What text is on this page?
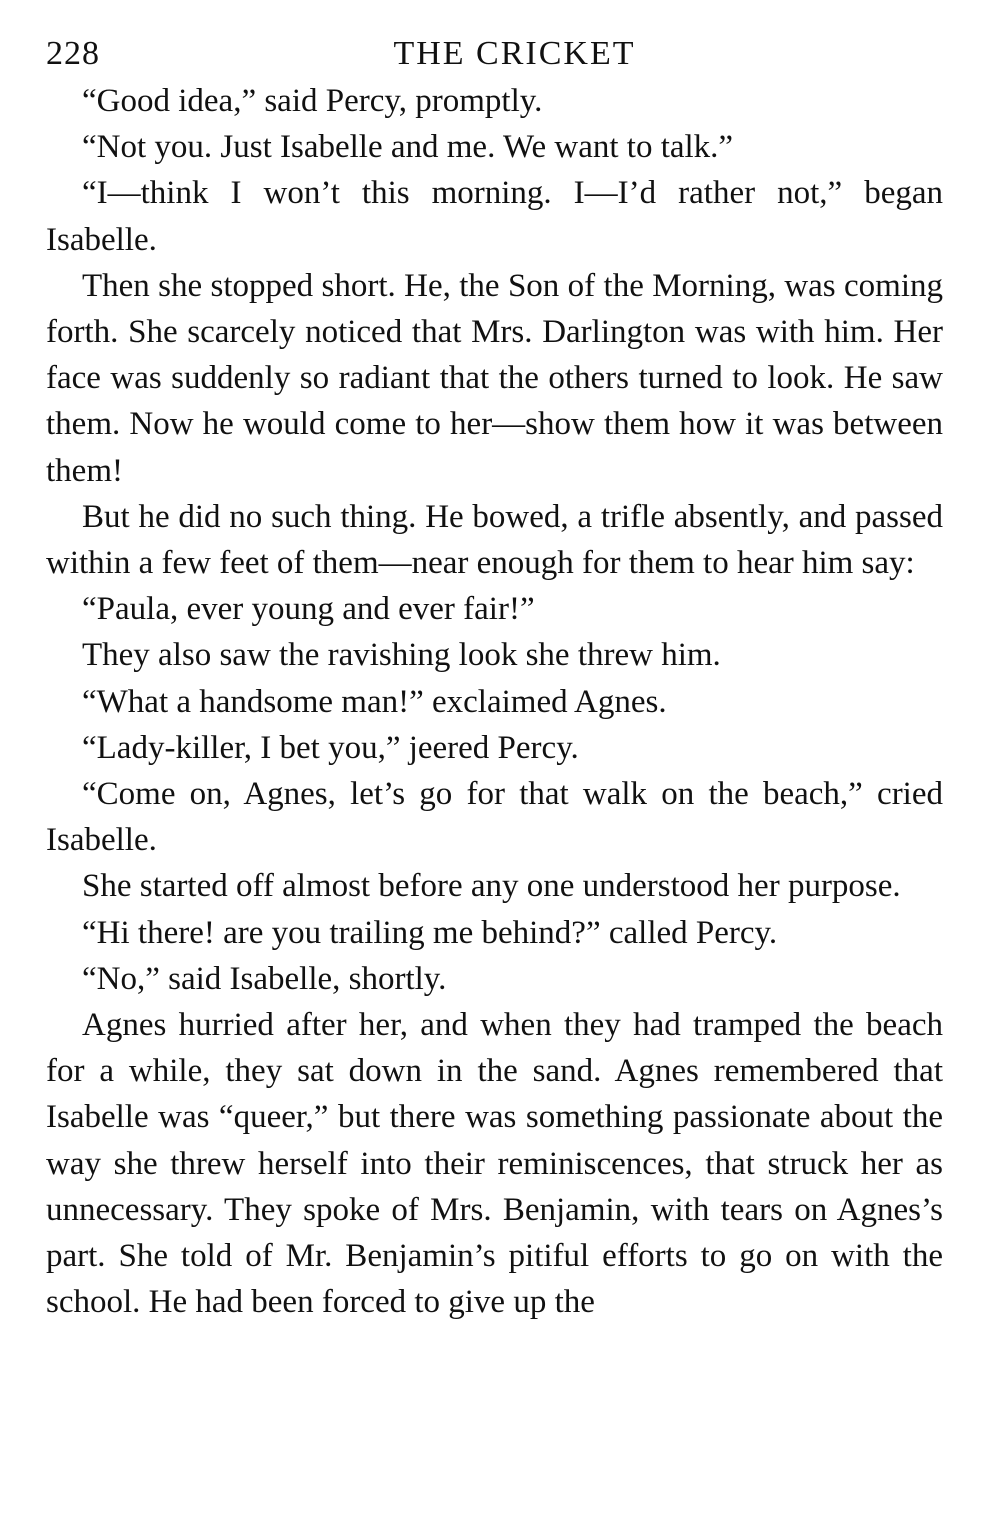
228	THE CRICKET

“Good idea,” said Percy, promptly.

“Not you. Just Isabelle and me. We want to talk.”

“I—think I won’t this morning. I—I’d rather not,” began Isabelle.

Then she stopped short. He, the Son of the Morning, was coming forth. She scarcely noticed that Mrs. Darlington was with him. Her face was suddenly so radiant that the others turned to look. He saw them. Now he would come to her—show them how it was between them!

But he did no such thing. He bowed, a trifle absently, and passed within a few feet of them—near enough for them to hear him say:

“Paula, ever young and ever fair!”

They also saw the ravishing look she threw him.

“What a handsome man!” exclaimed Agnes.

“Lady-killer, I bet you,” jeered Percy.

“Come on, Agnes, let’s go for that walk on the beach,” cried Isabelle.

She started off almost before any one understood her purpose.

“Hi there! are you trailing me behind?” called Percy.

“No,” said Isabelle, shortly.

Agnes hurried after her, and when they had tramped the beach for a while, they sat down in the sand. Agnes remembered that Isabelle was “queer,” but there was something passionate about the way she threw herself into their reminiscences, that struck her as unnecessary. They spoke of Mrs. Benjamin, with tears on Agnes’s part. She told of Mr. Benjamin’s pitiful efforts to go on with the school. He had been forced to give up the
